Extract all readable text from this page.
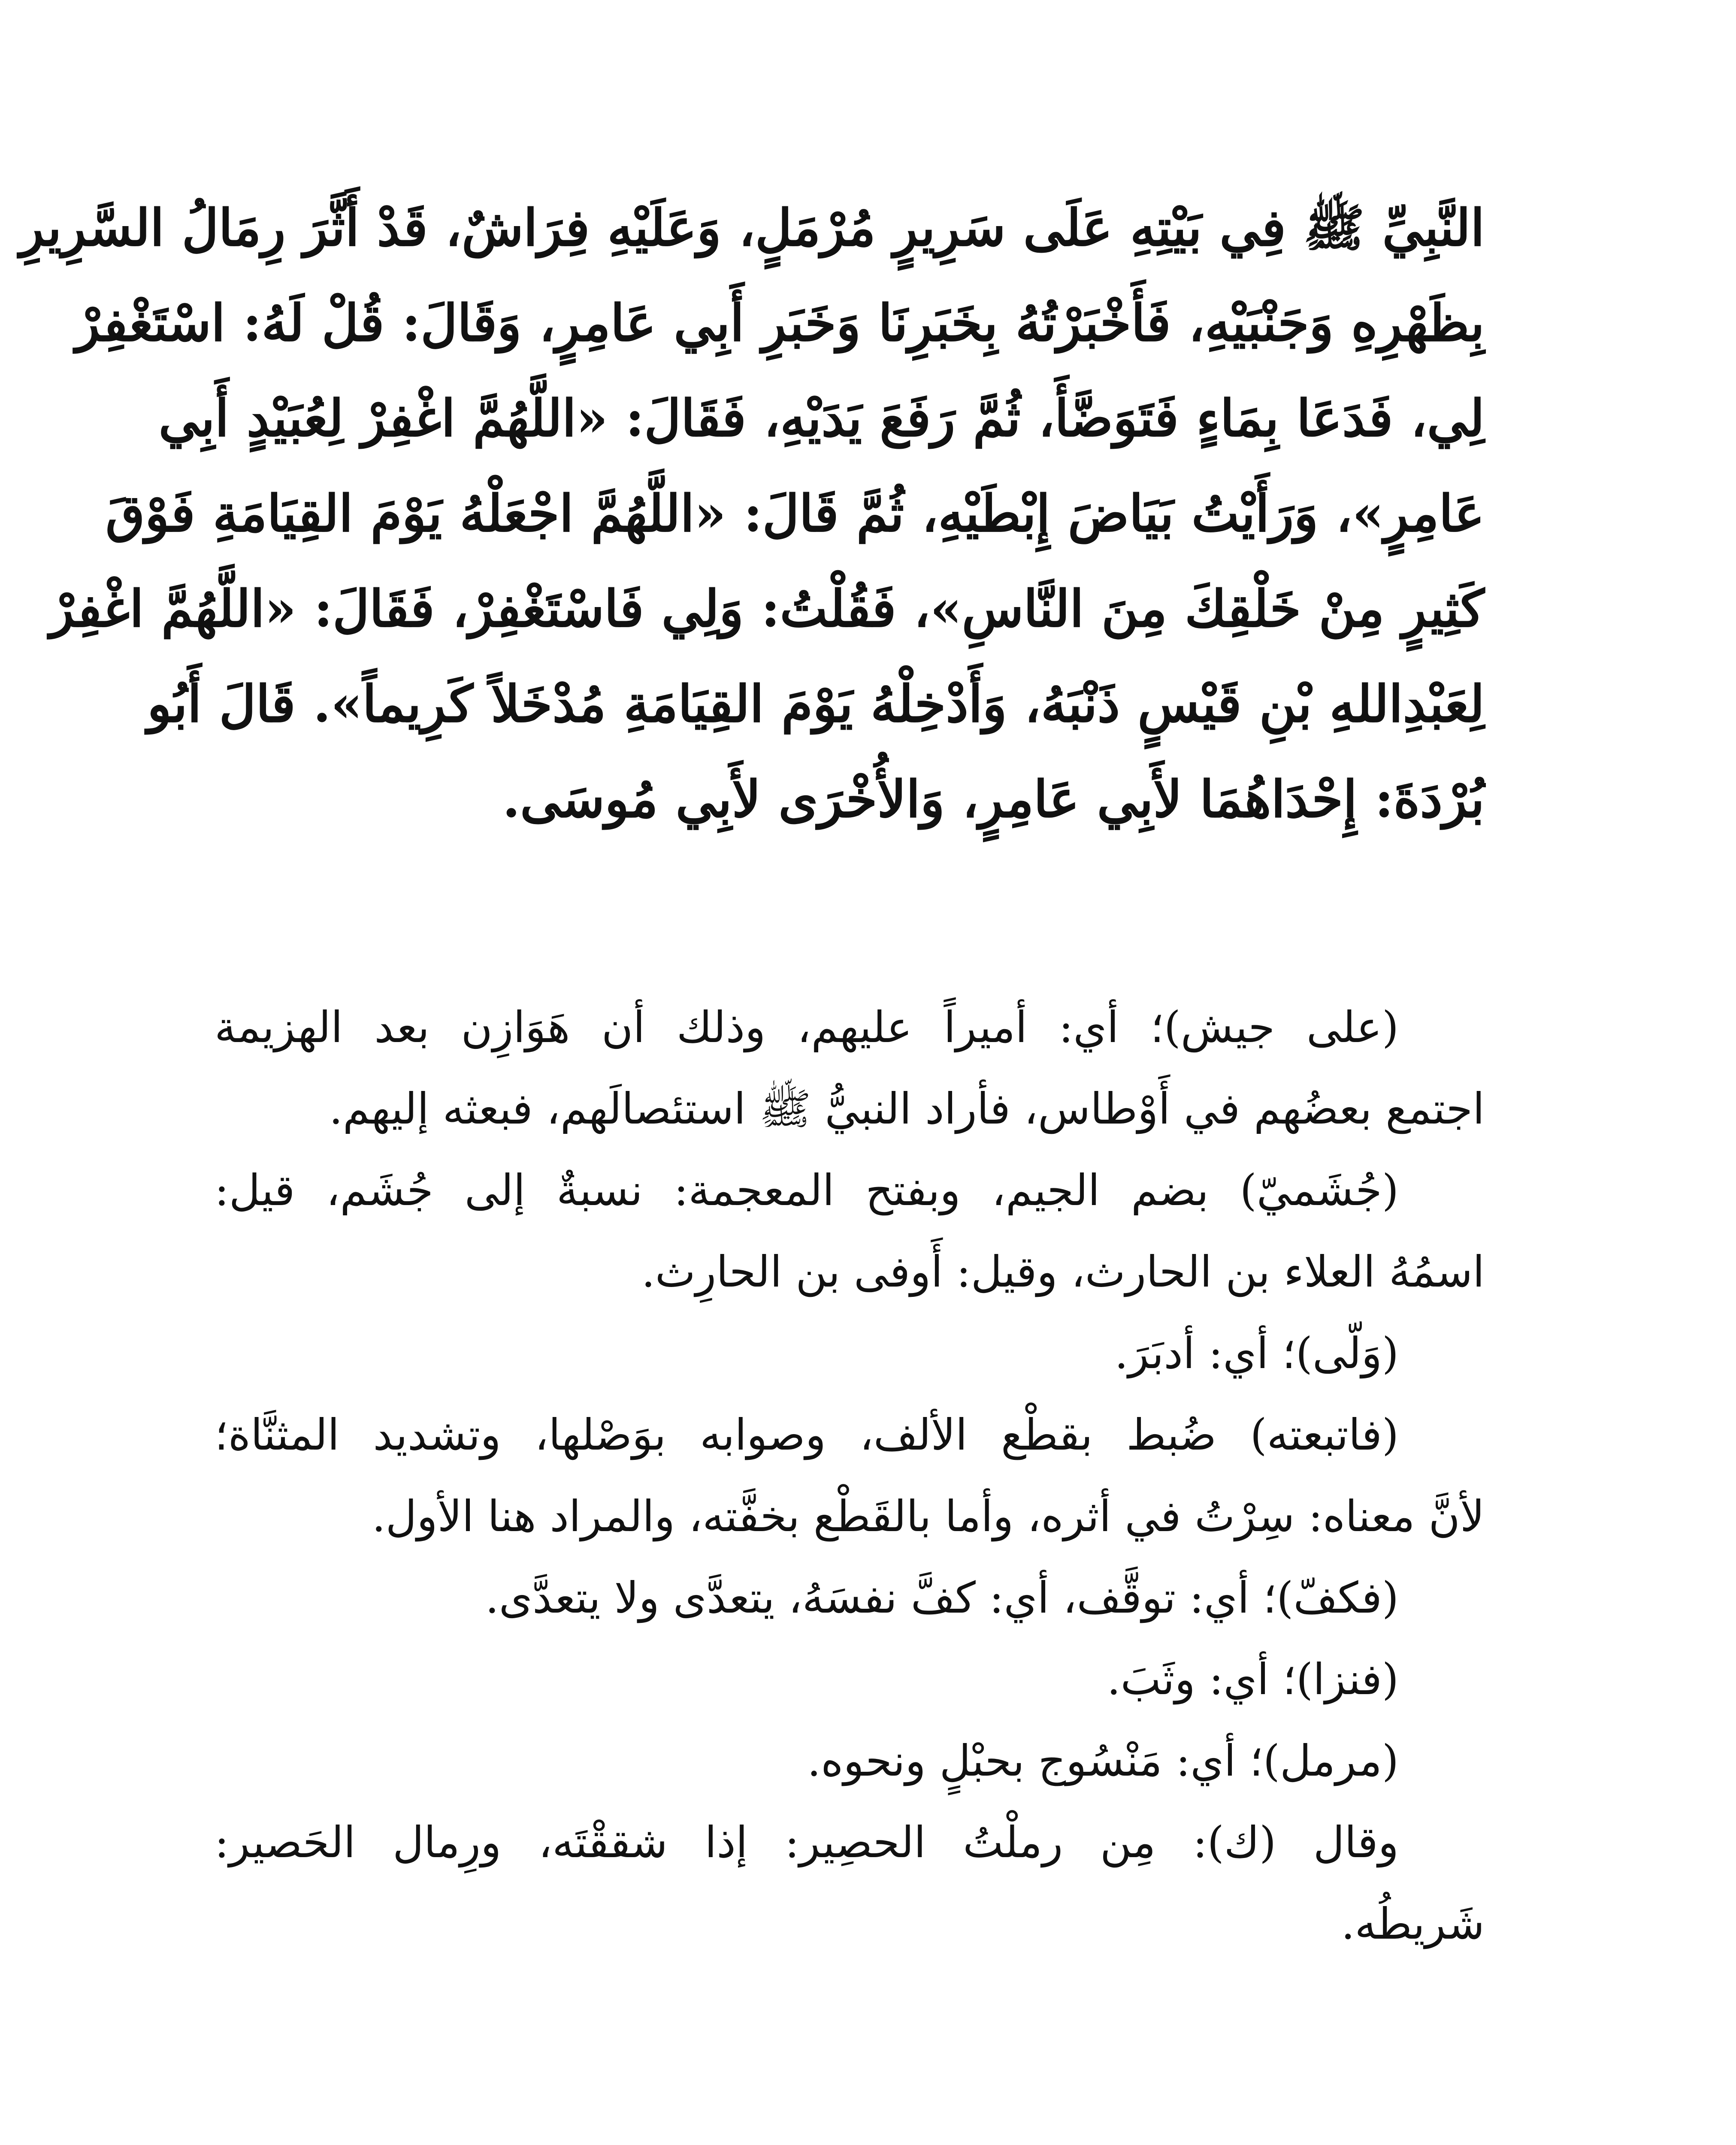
النَّبِيِّ ﷺ فِي بَيْتِهِ عَلَى سَرِيرٍ مُرْمَلٍ، وَعَلَيْهِ فِرَاشٌ، قَدْ أَثَّرَ رِمَالُ السَّرِيرِ
بِظَهْرِهِ وَجَنْبَيْهِ، فَأَخْبَرْتُهُ بِخَبَرِنَا وَخَبَرِ أَبِي عَامِرٍ، وَقَالَ: قُلْ لَهُ: اسْتَغْفِرْ
لِي، فَدَعَا بِمَاءٍ فَتَوَضَّأَ، ثُمَّ رَفَعَ يَدَيْهِ، فَقَالَ: «اللَّهُمَّ اغْفِرْ لِعُبَيْدٍ أَبِي
عَامِرٍ»، وَرَأَيْتُ بَيَاضَ إِبْطَيْهِ، ثُمَّ قَالَ: «اللَّهُمَّ اجْعَلْهُ يَوْمَ القِيَامَةِ فَوْقَ
كَثِيرٍ مِنْ خَلْقِكَ مِنَ النَّاسِ»، فَقُلْتُ: وَلِي فَاسْتَغْفِرْ، فَقَالَ: «اللَّهُمَّ اغْفِرْ
لِعَبْدِاللهِ بْنِ قَيْسٍ ذَنْبَهُ، وَأَدْخِلْهُ يَوْمَ القِيَامَةِ مُدْخَلاً كَرِيماً». قَالَ أَبُو
بُرْدَةَ: إِحْدَاهُمَا لأَبِي عَامِرٍ، وَالأُخْرَى لأَبِي مُوسَى.
(على جيش)؛ أي: أميراً عليهم، وذلك أن هَوَازِن بعد الهزيمة
اجتمع بعضُهم في أَوْطاس، فأراد النبيُّ ﷺ استئصالَهم، فبعثه إليهم.
(جُشَميّ) بضم الجيم، وبفتح المعجمة: نسبةٌ إلى جُشَم، قيل:
اسمُهُ العلاء بن الحارث، وقيل: أَوفى بن الحارِث.
(وَلّى)؛ أي: أدبَرَ.
(فاتبعته) ضُبط بقطْع الألف، وصوابه بوَصْلها، وتشديد المثنَّاة؛
لأنَّ معناه: سِرْتُ في أثره، وأما بالقَطْع بخفَّته، والمراد هنا الأول.
(فكفّ)؛ أي: توقَّف، أي: كفَّ نفسَهُ، يتعدَّى ولا يتعدَّى.
(فنزا)؛ أي: وثَبَ.
(مرمل)؛ أي: مَنْسُوج بحبْلٍ ونحوه.
وقال (ك): مِن رملْتُ الحصِير: إذا شققْتَه، ورِمال الحَصير:
شَريطُه.
